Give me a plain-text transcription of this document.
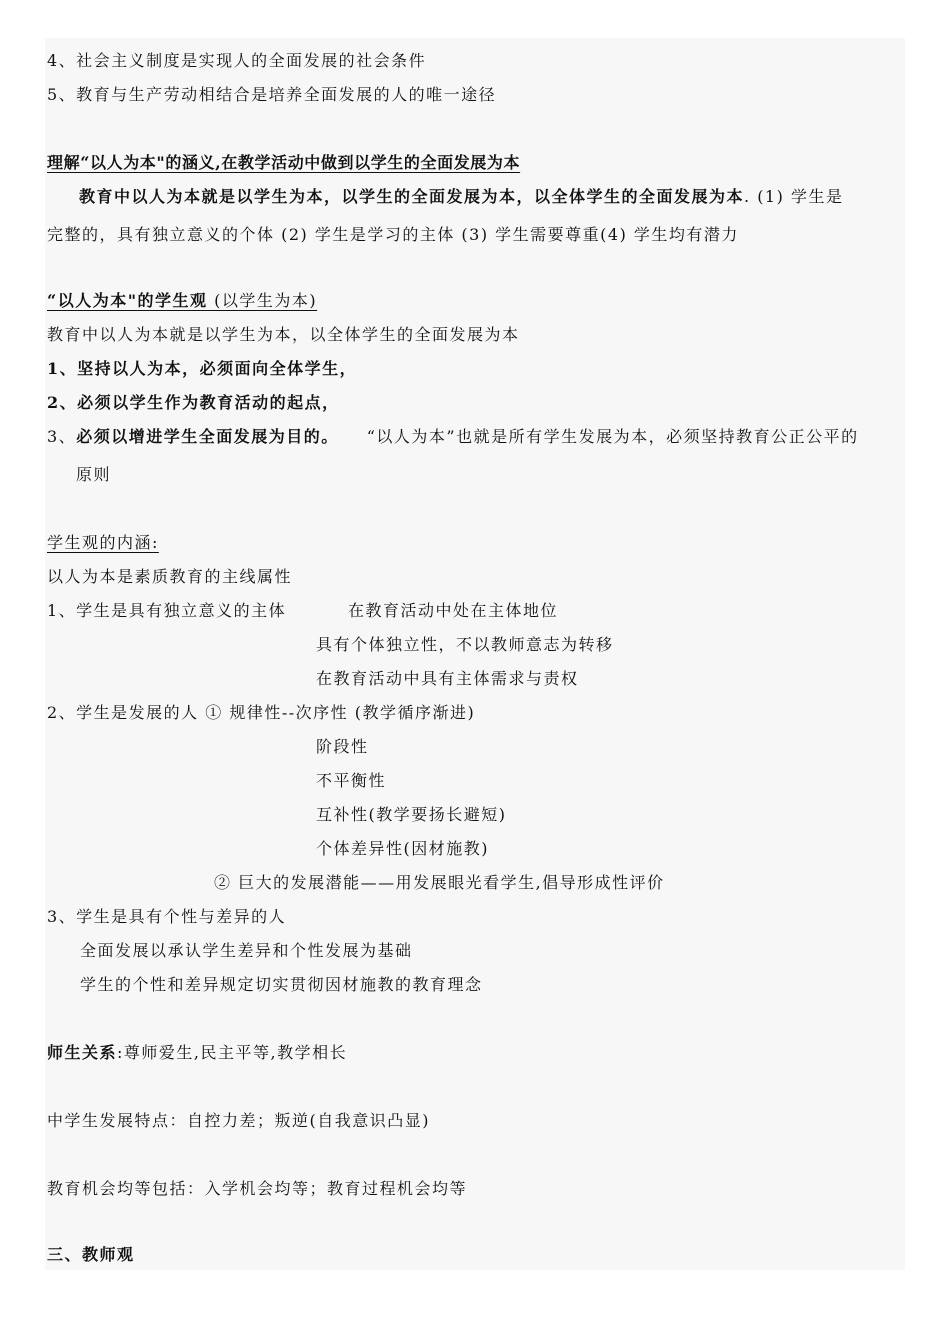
4、社会主义制度是实现人的全面发展的社会条件
5、教育与生产劳动相结合是培养全面发展的人的唯一途径
理解“以人为本"的涵义,在教学活动中做到以学生的全面发展为本
教育中以人为本就是以学生为本，以学生的全面发展为本，以全体学生的全面发展为本. (1) 学生是
完整的，具有独立意义的个体 (2) 学生是学习的主体 (3) 学生需要尊重(4) 学生均有潜力
“以人为本"的学生观 (以学生为本)
教育中以人为本就是以学生为本，以全体学生的全面发展为本
1、坚持以人为本，必须面向全体学生，
2、必须以学生作为教育活动的起点，
3、必须以增进学生全面发展为目的。 “以人为本”也就是所有学生发展为本，必须坚持教育公正公平的
原则
学生观的内涵:
以人为本是素质教育的主线属性
1、学生是具有独立意义的主体	在教育活动中处在主体地位
具有个体独立性，不以教师意志为转移
在教育活动中具有主体需求与责权
2、学生是发展的人 ① 规律性--次序性 (教学循序渐进)
阶段性
不平衡性
互补性(教学要扬长避短)
个体差异性(因材施教)
② 巨大的发展潜能——用发展眼光看学生,倡导形成性评价
3、学生是具有个性与差异的人
全面发展以承认学生差异和个性发展为基础
学生的个性和差异规定切实贯彻因材施教的教育理念
师生关系:尊师爱生,民主平等,教学相长
中学生发展特点：自控力差；叛逆(自我意识凸显)
教育机会均等包括：入学机会均等；教育过程机会均等
三、教师观
